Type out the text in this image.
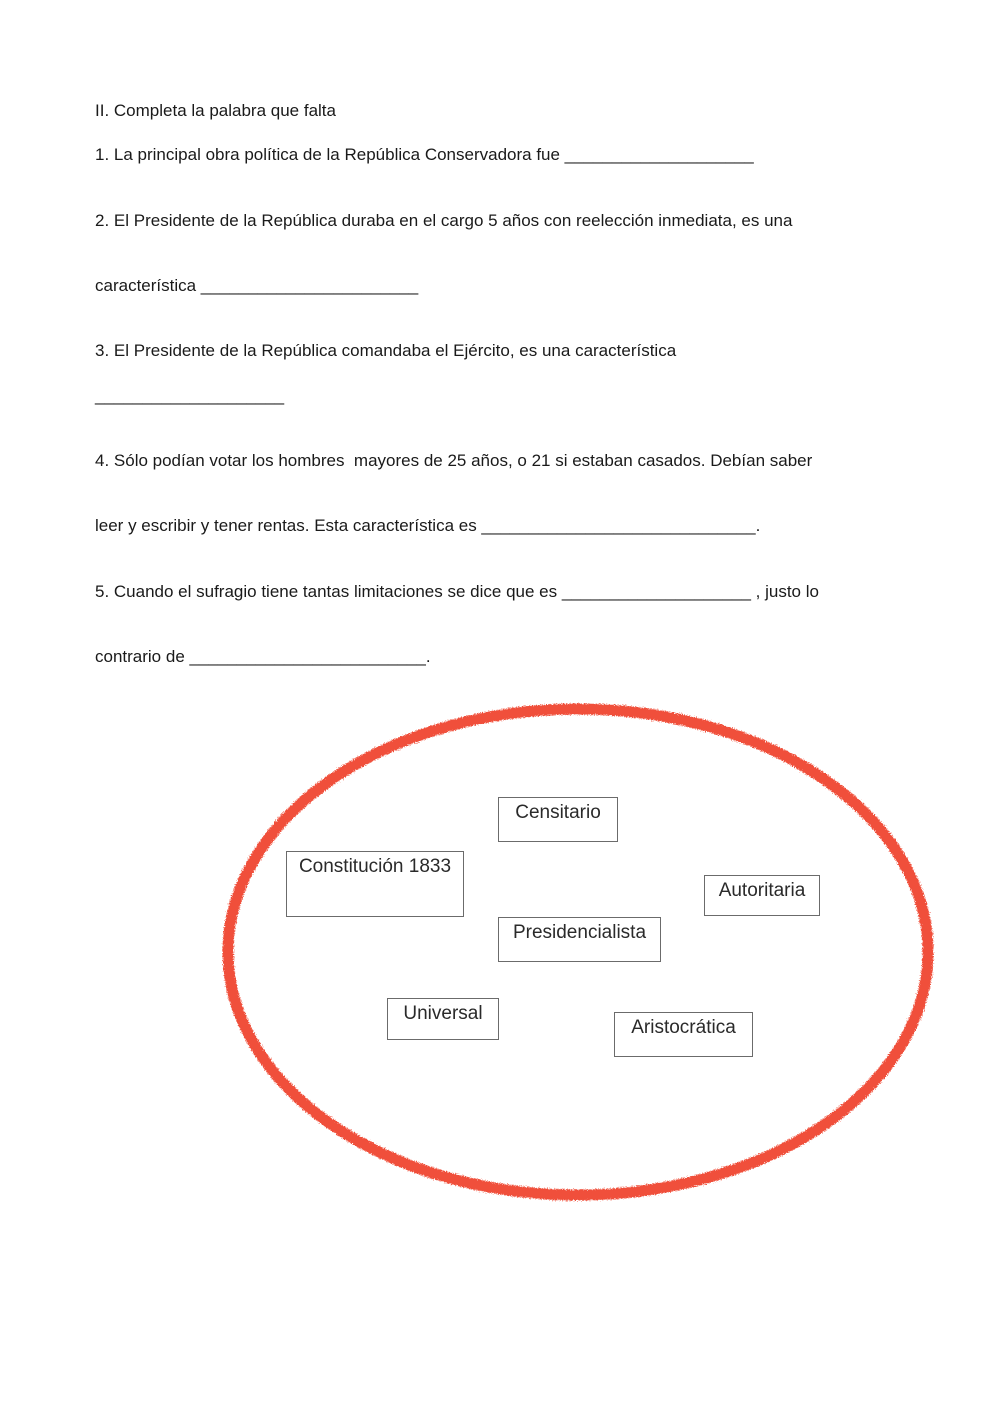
II. Completa la palabra que falta
1. La principal obra política de la República Conservadora fue ____________________
2. El Presidente de la República duraba en el cargo 5 años con reelección inmediata, es una
característica _______________________
3. El Presidente de la República comandaba el Ejército, es una característica
____________________
4. Sólo podían votar los hombres  mayores de 25 años, o 21 si estaban casados. Debían saber
leer y escribir y tener rentas. Esta característica es _____________________________.
5. Cuando el sufragio tiene tantas limitaciones se dice que es ____________________ , justo lo
contrario de _________________________.
Censitario
Constitución 1833
Autoritaria
Presidencialista
Universal
Aristocrática
